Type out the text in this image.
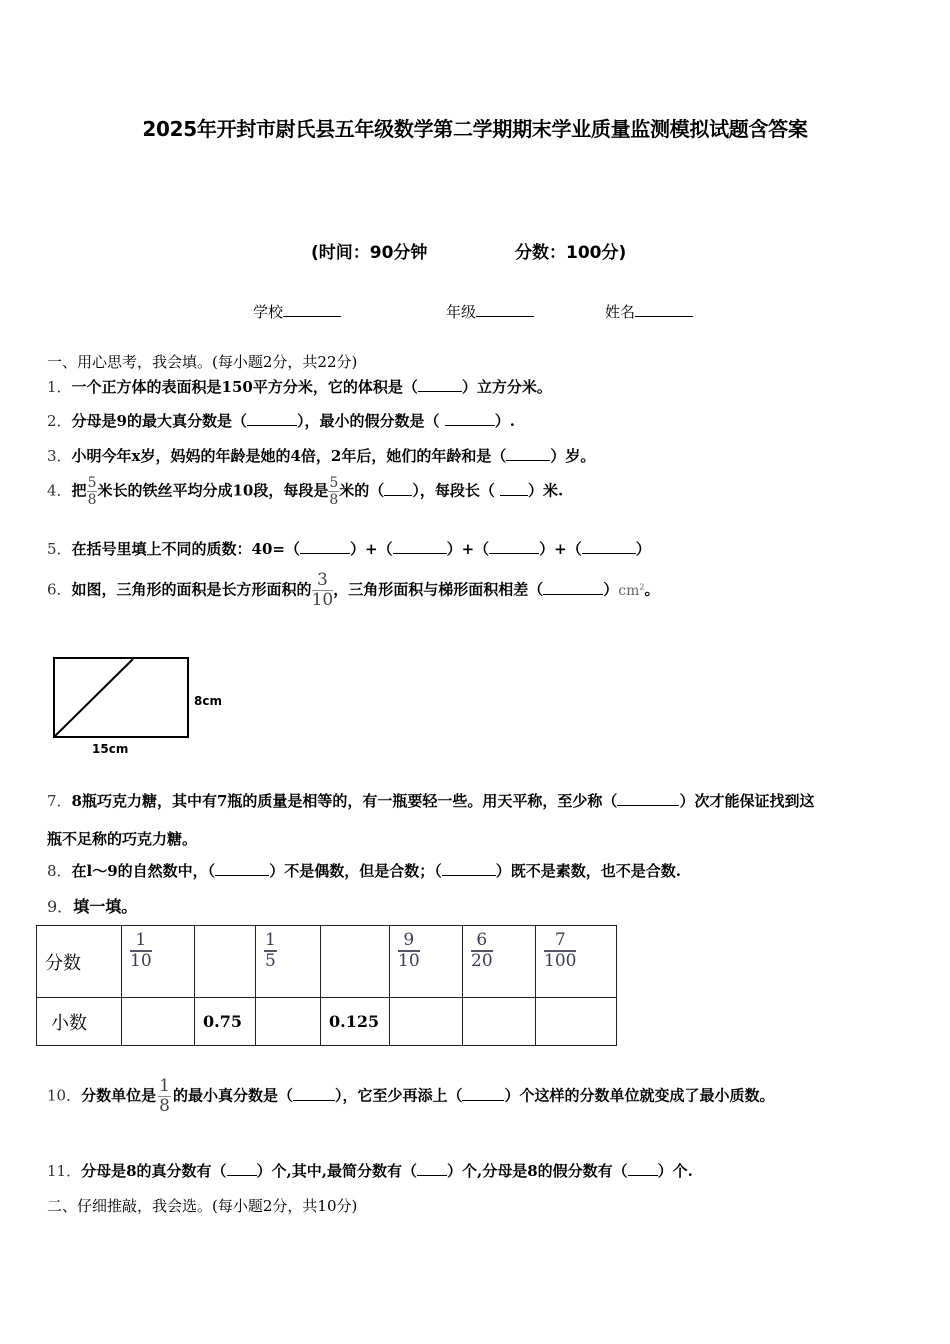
2025年开封市尉氏县五年级数学第二学期期末学业质量监测模拟试题含答案
(时间：90分钟	分数：100分)
学校	年级	姓名
一、用心思考，我会填。(每小题2分，共22分)
1．一个正方体的表面积是150平方分米，它的体积是（	）立方分米。
2．分母是9的最大真分数是（	），最小的假分数是（	）.
3．小明今年x岁，妈妈的年龄是她的4倍，2年后，她们的年龄和是（	）岁。
4．把 $\frac{5}{8}$ 米长的铁丝平均分成10段，每段是 $\frac{5}{8}$ 米的（ ），每段长（ ）米.
5．在括号里填上不同的质数：40=（	）+（	）+（	）+（	）
6．如图，三角形的面积是长方形面积的 $\frac{3}{10}$ ，三角形面积与梯形面积相差（	）$cm^2$。
8cm
15cm
7．8瓶巧克力糖，其中有7瓶的质量是相等的，有一瓶要轻一些。用天平称，至少称（	）次才能保证找到这
瓶不足称的巧克力糖。
8．在l～9的自然数中，（	）不是偶数，但是合数；（	）既不是素数，也不是合数.
9．填一填。
分数	$\frac{1}{10}$		$\frac{1}{5}$		$\frac{9}{10}$	$\frac{6}{20}$	$\frac{7}{100}$

小数		0.75		0.125			
10．分数单位是 $\frac{1}{8}$ 的最小真分数是（	），它至少再添上（	）个这样的分数单位就变成了最小质数。
11．分母是8的真分数有（ ）个,其中,最简分数有（ ）个,分母是8的假分数有（ ）个.
二、仔细推敲，我会选。(每小题2分，共10分)
